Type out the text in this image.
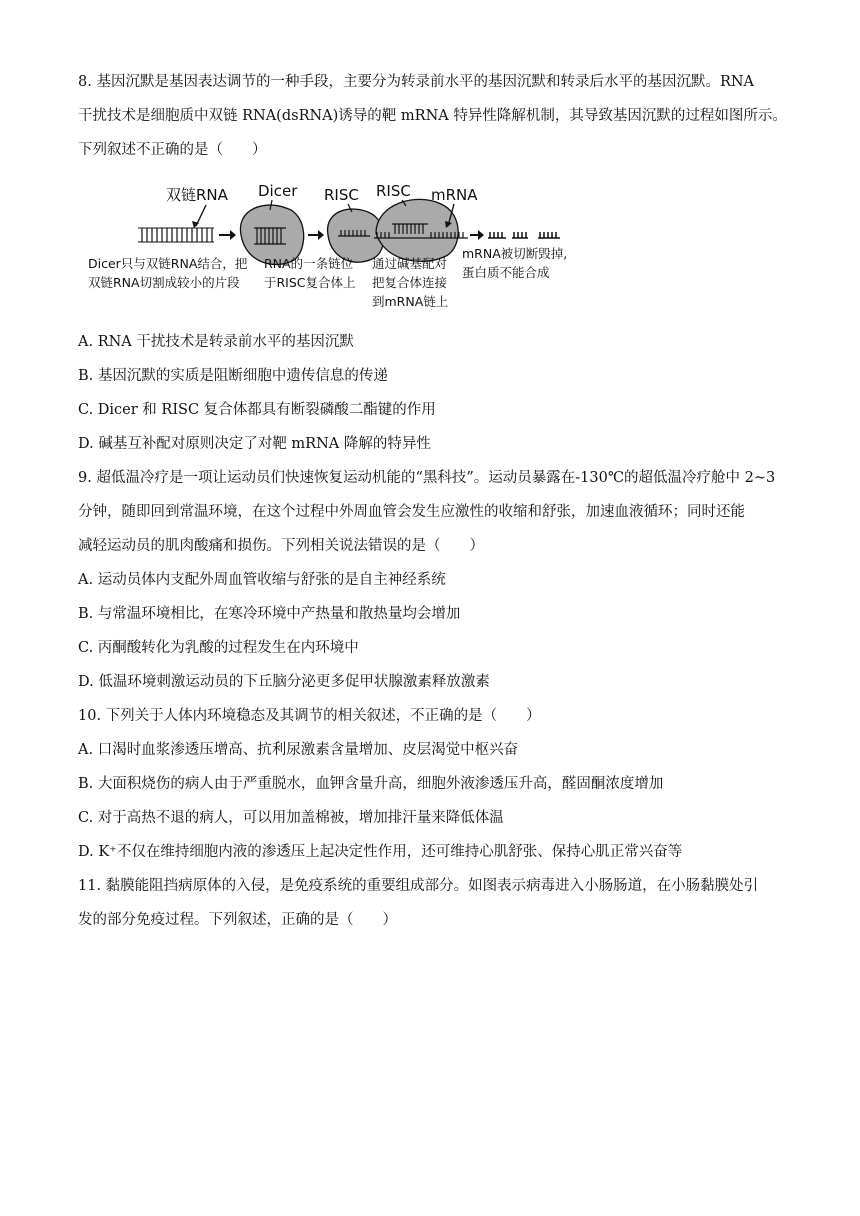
8. 基因沉默是基因表达调节的一种手段，主要分为转录前水平的基因沉默和转录后水平的基因沉默。RNA
干扰技术是细胞质中双链 RNA(dsRNA)诱导的靶 mRNA 特异性降解机制，其导致基因沉默的过程如图所示。
下列叙述不正确的是（　　）
双链RNA Dicer RISC RISC mRNA
Dicer只与双链RNA结合，把
双链RNA切割成较小的片段
RNA的一条链位
于RISC复合体上
通过碱基配对
把复合体连接
到mRNA链上
mRNA被切断毁掉,
蛋白质不能合成
A. RNA 干扰技术是转录前水平的基因沉默
B. 基因沉默的实质是阻断细胞中遗传信息的传递
C. Dicer 和 RISC 复合体都具有断裂磷酸二酯键的作用
D. 碱基互补配对原则决定了对靶 mRNA 降解的特异性
9. 超低温冷疗是一项让运动员们快速恢复运动机能的“黑科技”。运动员暴露在-130℃的超低温冷疗舱中 2~3
分钟，随即回到常温环境，在这个过程中外周血管会发生应激性的收缩和舒张，加速血液循环；同时还能
减轻运动员的肌肉酸痛和损伤。下列相关说法错误的是（　　）
A. 运动员体内支配外周血管收缩与舒张的是自主神经系统
B. 与常温环境相比，在寒冷环境中产热量和散热量均会增加
C. 丙酮酸转化为乳酸的过程发生在内环境中
D. 低温环境刺激运动员的下丘脑分泌更多促甲状腺激素释放激素
10. 下列关于人体内环境稳态及其调节的相关叙述，不正确的是（　　）
A. 口渴时血浆渗透压增高、抗利尿激素含量增加、皮层渴觉中枢兴奋
B. 大面积烧伤的病人由于严重脱水，血钾含量升高，细胞外液渗透压升高，醛固酮浓度增加
C. 对于高热不退的病人，可以用加盖棉被，增加排汗量来降低体温
D. K⁺不仅在维持细胞内液的渗透压上起决定性作用，还可维持心肌舒张、保持心肌正常兴奋等
11. 黏膜能阻挡病原体的入侵，是免疫系统的重要组成部分。如图表示病毒进入小肠肠道，在小肠黏膜处引
发的部分免疫过程。下列叙述，正确的是（　　）
